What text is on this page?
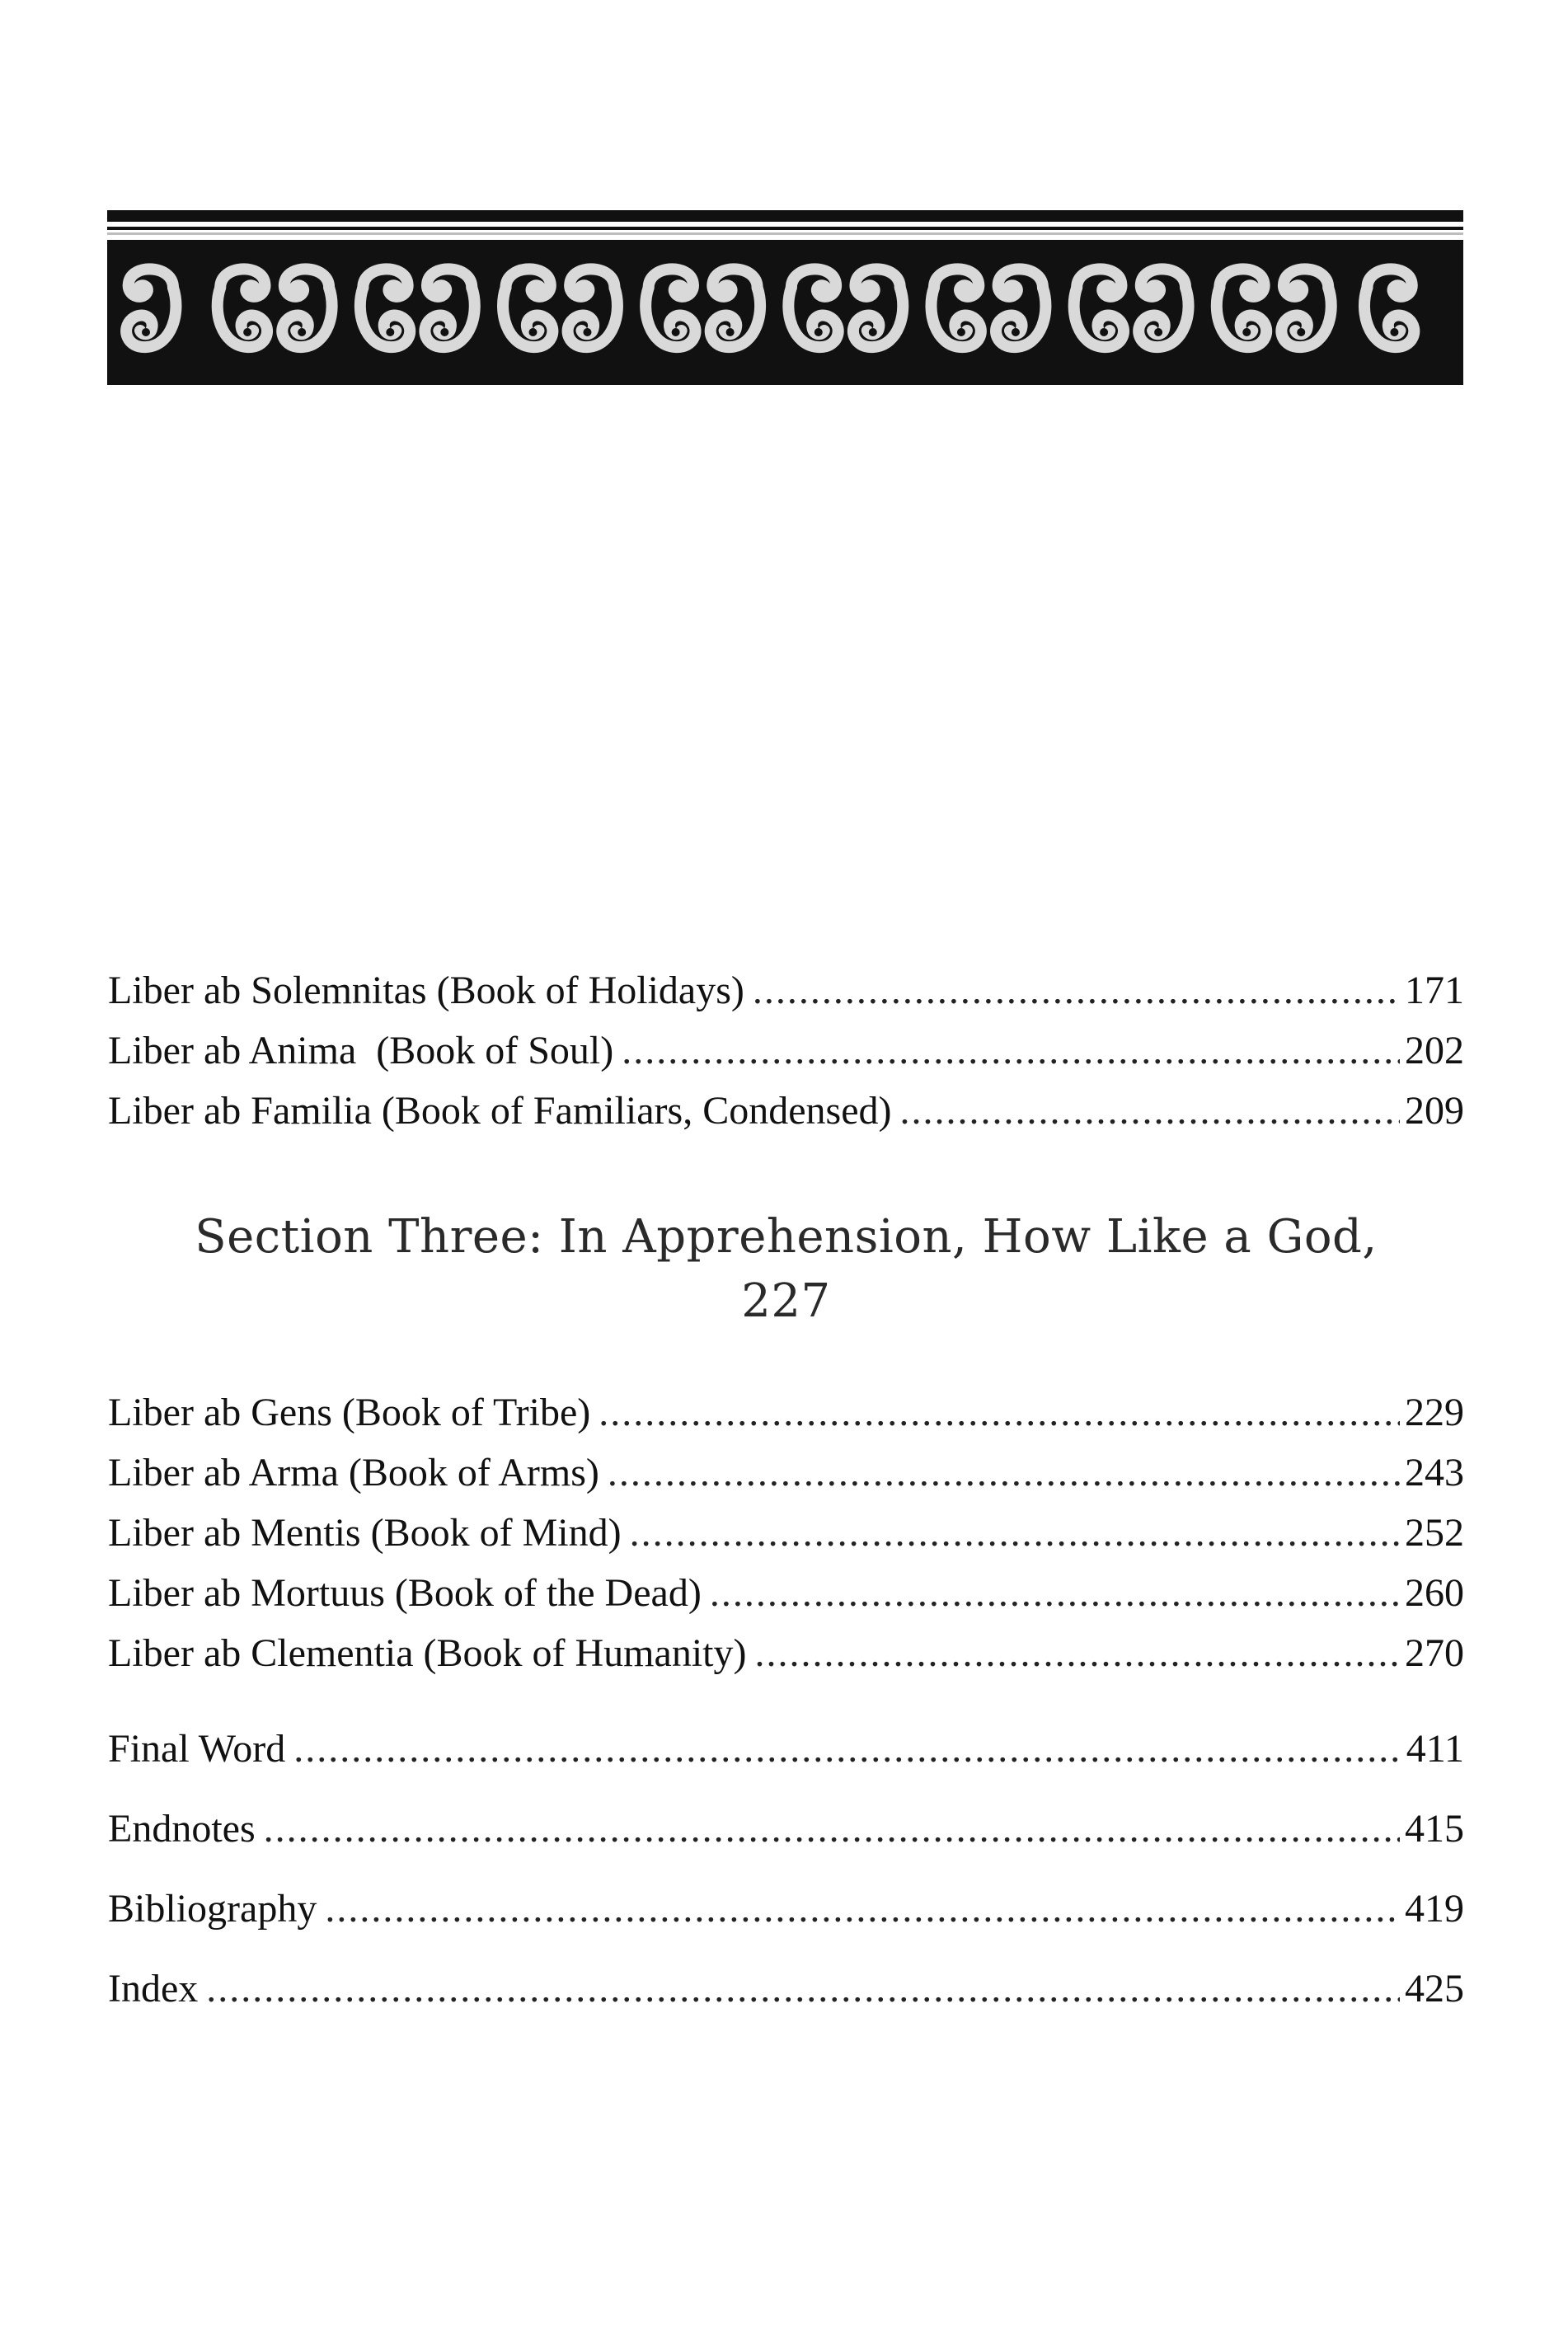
Liber ab Solemnitas (Book of Holidays) .....	171
Liber ab Anima  (Book of Soul) .....	202
Liber ab Familia (Book of Familiars, Condensed) .....	209
Section Three: In Apprehension, How Like a God,
227
Liber ab Gens (Book of Tribe) .....	229
Liber ab Arma (Book of Arms) .....	243
Liber ab Mentis (Book of Mind) .....	252
Liber ab Mortuus (Book of the Dead) .....	260
Liber ab Clementia (Book of Humanity) .....	270
Final Word .....	411
Endnotes .....	415
Bibliography .....	419
Index .....	425
